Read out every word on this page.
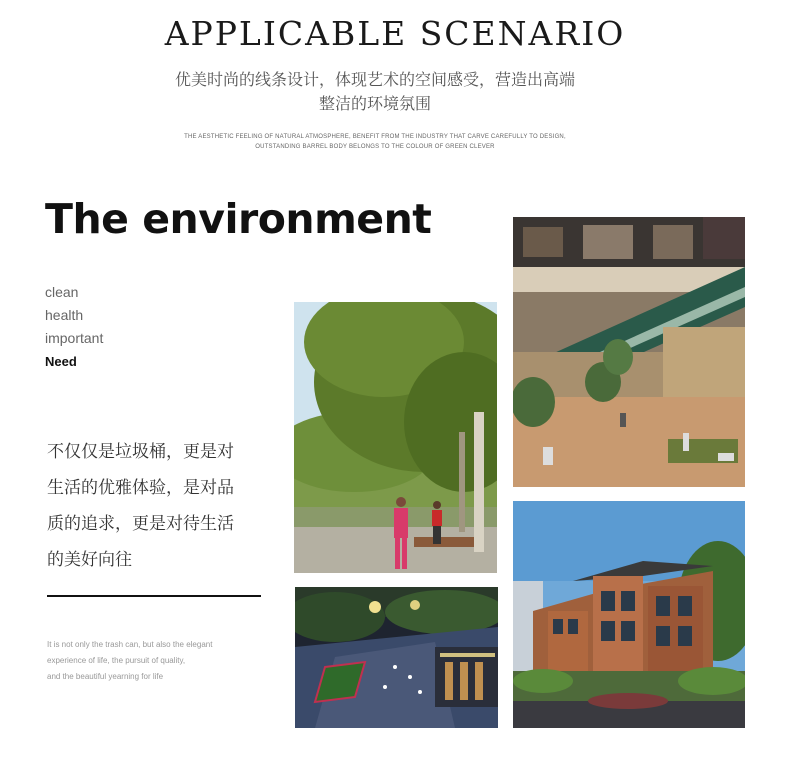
APPLICABLE SCENARIO
优美时尚的线条设计，体现艺术的空间感受，营造出高端
整洁的环境氛围
THE AESTHETIC FEELING OF NATURAL ATMOSPHERE, BENEFIT FROM THE INDUSTRY THAT CARVE CAREFULLY TO DESIGN,
OUTSTANDING BARREL BODY BELONGS TO THE COLOUR OF GREEN CLEVER
The environment
clean
health
important
Need
不仅仅是垃圾桶，更是对
生活的优雅体验，是对品
质的追求，更是对待生活
的美好向往
It is not only the trash can, but also the elegant
experience of life, the pursuit of quality,
and the beautiful yearning for life
